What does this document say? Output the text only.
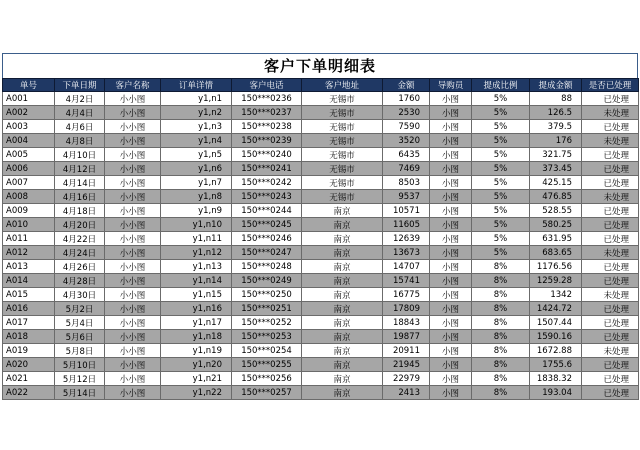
客户下单明细表
单号	下单日期	客户名称	订单详情	客户电话	客户地址	金额	导购员	提成比例	提成金额	是否已处理
A001	4月2日	小小图	y1,n1	150***0236	无锡市	1760	小图	5%	88	已处理
A002	4月4日	小小图	y1,n2	150***0237	无锡市	2530	小图	5%	126.5	未处理
A003	4月6日	小小图	y1,n3	150***0238	无锡市	7590	小图	5%	379.5	已处理
A004	4月8日	小小图	y1,n4	150***0239	无锡市	3520	小图	5%	176	未处理
A005	4月10日	小小图	y1,n5	150***0240	无锡市	6435	小图	5%	321.75	已处理
A006	4月12日	小小图	y1,n6	150***0241	无锡市	7469	小图	5%	373.45	已处理
A007	4月14日	小小图	y1,n7	150***0242	无锡市	8503	小图	5%	425.15	已处理
A008	4月16日	小小图	y1,n8	150***0243	无锡市	9537	小图	5%	476.85	未处理
A009	4月18日	小小图	y1,n9	150***0244	南京	10571	小图	5%	528.55	已处理
A010	4月20日	小小图	y1,n10	150***0245	南京	11605	小图	5%	580.25	已处理
A011	4月22日	小小图	y1,n11	150***0246	南京	12639	小图	5%	631.95	已处理
A012	4月24日	小小图	y1,n12	150***0247	南京	13673	小图	5%	683.65	未处理
A013	4月26日	小小图	y1,n13	150***0248	南京	14707	小图	8%	1176.56	已处理
A014	4月28日	小小图	y1,n14	150***0249	南京	15741	小图	8%	1259.28	已处理
A015	4月30日	小小图	y1,n15	150***0250	南京	16775	小图	8%	1342	未处理
A016	5月2日	小小图	y1,n16	150***0251	南京	17809	小图	8%	1424.72	已处理
A017	5月4日	小小图	y1,n17	150***0252	南京	18843	小图	8%	1507.44	已处理
A018	5月6日	小小图	y1,n18	150***0253	南京	19877	小图	8%	1590.16	已处理
A019	5月8日	小小图	y1,n19	150***0254	南京	20911	小图	8%	1672.88	未处理
A020	5月10日	小小图	y1,n20	150***0255	南京	21945	小图	8%	1755.6	已处理
A021	5月12日	小小图	y1,n21	150***0256	南京	22979	小图	8%	1838.32	已处理
A022	5月14日	小小图	y1,n22	150***0257	南京	2413	小图	8%	193.04	已处理
